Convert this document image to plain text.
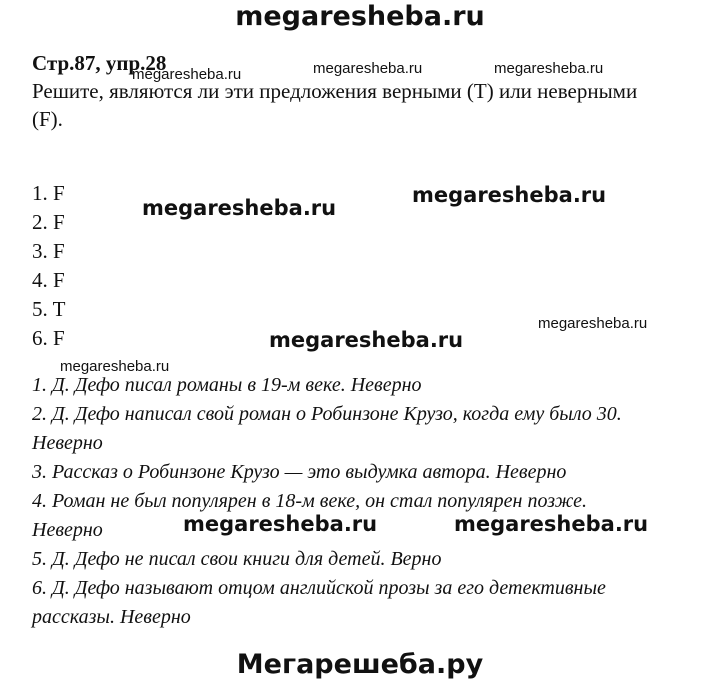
megaresheba.ru
Стр.87, упр.28
Решите, являются ли эти предложения верными (T) или неверными
(F).
1. F
2. F
3. F
4. F
5. T
6. F
1. Д. Дефо писал романы в 19-м веке. Неверно
2. Д. Дефо написал свой роман о Робинзоне Крузо, когда ему было 30.
Неверно
3. Рассказ о Робинзоне Крузо — это выдумка автора. Неверно
4. Роман не был популярен в 18-м веке, он стал популярен позже.
Неверно
5. Д. Дефо не писал свои книги для детей. Верно
6. Д. Дефо называют отцом английской прозы за его детективные
рассказы. Неверно
megaresheba.ru	megaresheba.ru	megaresheba.ru
megaresheba.ru
megaresheba.ru
megaresheba.ru
megaresheba.ru
megaresheba.ru
megaresheba.ru	megaresheba.ru
Мегарешеба.ру
